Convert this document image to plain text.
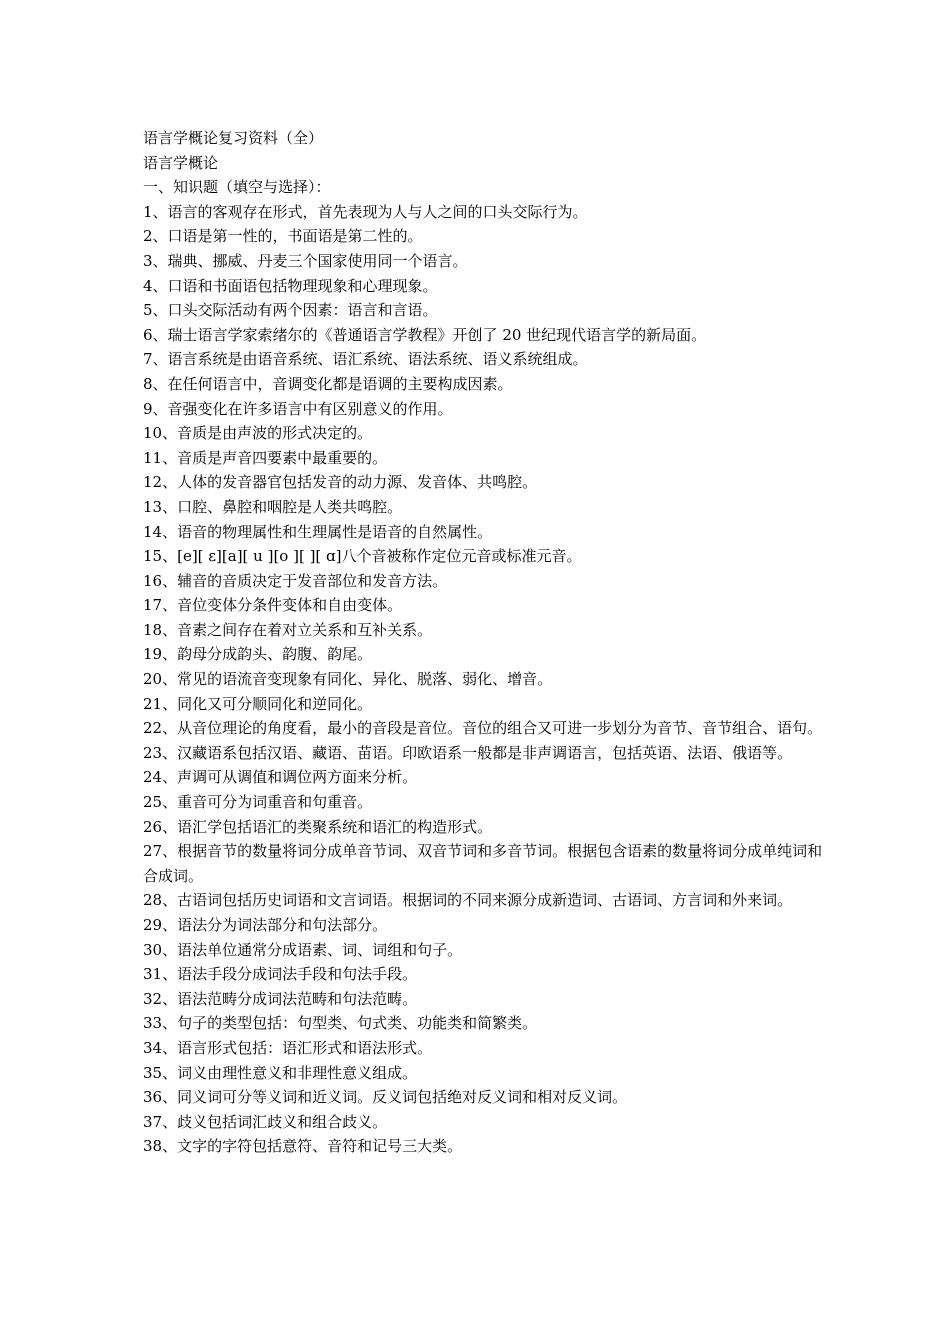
语言学概论复习资料（全）
语言学概论
一、知识题（填空与选择）：
1、语言的客观存在形式，首先表现为人与人之间的口头交际行为。
2、口语是第一性的，书面语是第二性的。
3、瑞典、挪威、丹麦三个国家使用同一个语言。
4、口语和书面语包括物理现象和心理现象。
5、口头交际活动有两个因素：语言和言语。
6、瑞士语言学家索绪尔的《普通语言学教程》开创了 20 世纪现代语言学的新局面。
7、语言系统是由语音系统、语汇系统、语法系统、语义系统组成。
8、在任何语言中，音调变化都是语调的主要构成因素。
9、音强变化在许多语言中有区别意义的作用。
10、音质是由声波的形式决定的。
11、音质是声音四要素中最重要的。
12、人体的发音器官包括发音的动力源、发音体、共鸣腔。
13、口腔、鼻腔和咽腔是人类共鸣腔。
14、语音的物理属性和生理属性是语音的自然属性。
15、[e][ ε][a][ u ][o ][ ][ ɑ]八个音被称作定位元音或标准元音。
16、辅音的音质决定于发音部位和发音方法。
17、音位变体分条件变体和自由变体。
18、音素之间存在着对立关系和互补关系。
19、韵母分成韵头、韵腹、韵尾。
20、常见的语流音变现象有同化、异化、脱落、弱化、增音。
21、同化又可分顺同化和逆同化。
22、从音位理论的角度看，最小的音段是音位。音位的组合又可进一步划分为音节、音节组合、语句。
23、汉藏语系包括汉语、藏语、苗语。印欧语系一般都是非声调语言，包括英语、法语、俄语等。
24、声调可从调值和调位两方面来分析。
25、重音可分为词重音和句重音。
26、语汇学包括语汇的类聚系统和语汇的构造形式。
27、根据音节的数量将词分成单音节词、双音节词和多音节词。根据包含语素的数量将词分成单纯词和合成词。
28、古语词包括历史词语和文言词语。根据词的不同来源分成新造词、古语词、方言词和外来词。
29、语法分为词法部分和句法部分。
30、语法单位通常分成语素、词、词组和句子。
31、语法手段分成词法手段和句法手段。
32、语法范畴分成词法范畴和句法范畴。
33、句子的类型包括：句型类、句式类、功能类和简繁类。
34、语言形式包括：语汇形式和语法形式。
35、词义由理性意义和非理性意义组成。
36、同义词可分等义词和近义词。反义词包括绝对反义词和相对反义词。
37、歧义包括词汇歧义和组合歧义。
38、文字的字符包括意符、音符和记号三大类。
